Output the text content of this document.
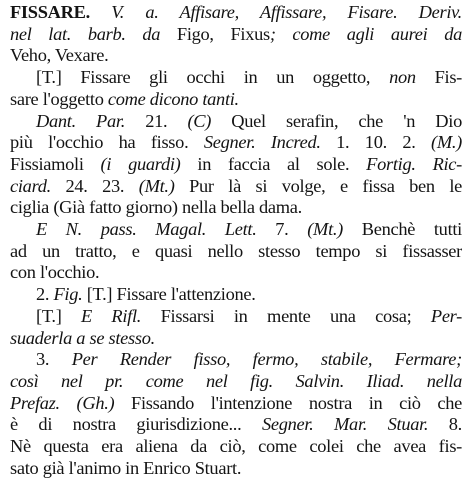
FISSARE. V. a. Affisare, Affissare, Fisare. Deriv.
nel lat. barb. da Figo, Fixus; come agli aurei da
Veho, Vexare.
[T.] Fissare gli occhi in un oggetto, non Fis-
sare l'oggetto come dicono tanti.
Dant. Par. 21. (C) Quel serafin, che 'n Dio
più l'occhio ha fisso. Segner. Incred. 1. 10. 2. (M.)
Fissiamoli (i guardi) in faccia al sole. Fortig. Ric-
ciard. 24. 23. (Mt.) Pur là si volge, e fissa ben le
ciglia (Già fatto giorno) nella bella dama.
E N. pass. Magal. Lett. 7. (Mt.) Benchè tutti
ad un tratto, e quasi nello stesso tempo si fissasser
con l'occhio.
2. Fig. [T.] Fissare l'attenzione.
[T.] E Rifl. Fissarsi in mente una cosa; Per-
suaderla a se stesso.
3. Per Render fisso, fermo, stabile, Fermare;
così nel pr. come nel fig. Salvin. Iliad. nella
Prefaz. (Gh.) Fissando l'intenzione nostra in ciò che
è di nostra giurisdizione... Segner. Mar. Stuar. 8.
Nè questa era aliena da ciò, come colei che avea fis-
sato già l'animo in Enrico Stuart.
